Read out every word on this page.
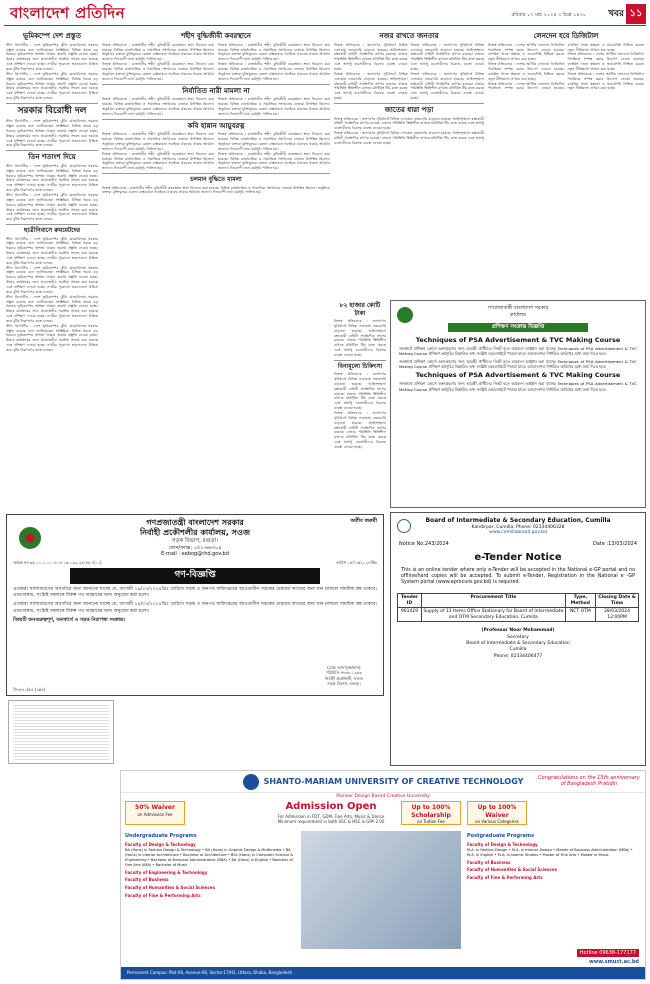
বাংলাদেশ প্রতিদিন	রবিবার ১৭ মার্চ ২০২৪ ৩ চৈত্র ১৪৩০ খবর ১১
ভূমিকম্পে দেশ প্রস্তুত
স্টাফ রিপোর্টার : দেশে ভূমিকম্পের ঝুঁকি মোকাবিলায় সরকার প্রস্তুত রয়েছে বলে জানিয়েছেন সংশ্লিষ্টরা। বিভিন্ন সময়ে বড় ধরনের ভূমিকম্পের আশঙ্কা থাকায় জরুরি প্রস্তুতি নেওয়া হচ্ছে। উদ্ধার কার্যক্রমের জন্য প্রয়োজনীয় সরঞ্জাম সংগ্রহ করা হয়েছে এবং প্রশিক্ষণ দেওয়া হচ্ছে। নগরীর পুরোনো ভবনগুলো চিহ্নিত করে ঝুঁকি নিরূপণের কাজ চলছে।
স্টাফ রিপোর্টার : দেশে ভূমিকম্পের ঝুঁকি মোকাবিলায় সরকার প্রস্তুত রয়েছে বলে জানিয়েছেন সংশ্লিষ্টরা। বিভিন্ন সময়ে বড় ধরনের ভূমিকম্পের আশঙ্কা থাকায় জরুরি প্রস্তুতি নেওয়া হচ্ছে। উদ্ধার কার্যক্রমের জন্য প্রয়োজনীয় সরঞ্জাম সংগ্রহ করা হয়েছে এবং প্রশিক্ষণ দেওয়া হচ্ছে। নগরীর পুরোনো ভবনগুলো চিহ্নিত করে ঝুঁকি নিরূপণের কাজ চলছে।
সরকার বিরোধী দল
স্টাফ রিপোর্টার : দেশে ভূমিকম্পের ঝুঁকি মোকাবিলায় সরকার প্রস্তুত রয়েছে বলে জানিয়েছেন সংশ্লিষ্টরা। বিভিন্ন সময়ে বড় ধরনের ভূমিকম্পের আশঙ্কা থাকায় জরুরি প্রস্তুতি নেওয়া হচ্ছে। উদ্ধার কার্যক্রমের জন্য প্রয়োজনীয় সরঞ্জাম সংগ্রহ করা হয়েছে এবং প্রশিক্ষণ দেওয়া হচ্ছে। নগরীর পুরোনো ভবনগুলো চিহ্নিত করে ঝুঁকি নিরূপণের কাজ চলছে।
তিন শতাংশ দিয়ে
স্টাফ রিপোর্টার : দেশে ভূমিকম্পের ঝুঁকি মোকাবিলায় সরকার প্রস্তুত রয়েছে বলে জানিয়েছেন সংশ্লিষ্টরা। বিভিন্ন সময়ে বড় ধরনের ভূমিকম্পের আশঙ্কা থাকায় জরুরি প্রস্তুতি নেওয়া হচ্ছে। উদ্ধার কার্যক্রমের জন্য প্রয়োজনীয় সরঞ্জাম সংগ্রহ করা হয়েছে এবং প্রশিক্ষণ দেওয়া হচ্ছে। নগরীর পুরোনো ভবনগুলো চিহ্নিত করে ঝুঁকি নিরূপণের কাজ চলছে।
স্টাফ রিপোর্টার : দেশে ভূমিকম্পের ঝুঁকি মোকাবিলায় সরকার প্রস্তুত রয়েছে বলে জানিয়েছেন সংশ্লিষ্টরা। বিভিন্ন সময়ে বড় ধরনের ভূমিকম্পের আশঙ্কা থাকায় জরুরি প্রস্তুতি নেওয়া হচ্ছে। উদ্ধার কার্যক্রমের জন্য প্রয়োজনীয় সরঞ্জাম সংগ্রহ করা হয়েছে এবং প্রশিক্ষণ দেওয়া হচ্ছে। নগরীর পুরোনো ভবনগুলো চিহ্নিত করে ঝুঁকি নিরূপণের কাজ চলছে।
ছাত্রীনিবাসে রুমমেটদের
স্টাফ রিপোর্টার : দেশে ভূমিকম্পের ঝুঁকি মোকাবিলায় সরকার প্রস্তুত রয়েছে বলে জানিয়েছেন সংশ্লিষ্টরা। বিভিন্ন সময়ে বড় ধরনের ভূমিকম্পের আশঙ্কা থাকায় জরুরি প্রস্তুতি নেওয়া হচ্ছে। উদ্ধার কার্যক্রমের জন্য প্রয়োজনীয় সরঞ্জাম সংগ্রহ করা হয়েছে এবং প্রশিক্ষণ দেওয়া হচ্ছে। নগরীর পুরোনো ভবনগুলো চিহ্নিত করে ঝুঁকি নিরূপণের কাজ চলছে।
স্টাফ রিপোর্টার : দেশে ভূমিকম্পের ঝুঁকি মোকাবিলায় সরকার প্রস্তুত রয়েছে বলে জানিয়েছেন সংশ্লিষ্টরা। বিভিন্ন সময়ে বড় ধরনের ভূমিকম্পের আশঙ্কা থাকায় জরুরি প্রস্তুতি নেওয়া হচ্ছে। উদ্ধার কার্যক্রমের জন্য প্রয়োজনীয় সরঞ্জাম সংগ্রহ করা হয়েছে এবং প্রশিক্ষণ দেওয়া হচ্ছে। নগরীর পুরোনো ভবনগুলো চিহ্নিত করে ঝুঁকি নিরূপণের কাজ চলছে।
স্টাফ রিপোর্টার : দেশে ভূমিকম্পের ঝুঁকি মোকাবিলায় সরকার প্রস্তুত রয়েছে বলে জানিয়েছেন সংশ্লিষ্টরা। বিভিন্ন সময়ে বড় ধরনের ভূমিকম্পের আশঙ্কা থাকায় জরুরি প্রস্তুতি নেওয়া হচ্ছে। উদ্ধার কার্যক্রমের জন্য প্রয়োজনীয় সরঞ্জাম সংগ্রহ করা হয়েছে এবং প্রশিক্ষণ দেওয়া হচ্ছে। নগরীর পুরোনো ভবনগুলো চিহ্নিত করে ঝুঁকি নিরূপণের কাজ চলছে।
স্টাফ রিপোর্টার : দেশে ভূমিকম্পের ঝুঁকি মোকাবিলায় সরকার প্রস্তুত রয়েছে বলে জানিয়েছেন সংশ্লিষ্টরা। বিভিন্ন সময়ে বড় ধরনের ভূমিকম্পের আশঙ্কা থাকায় জরুরি প্রস্তুতি নেওয়া হচ্ছে। উদ্ধার কার্যক্রমের জন্য প্রয়োজনীয় সরঞ্জাম সংগ্রহ করা হয়েছে এবং প্রশিক্ষণ দেওয়া হচ্ছে। নগরীর পুরোনো ভবনগুলো চিহ্নিত করে ঝুঁকি নিরূপণের কাজ চলছে।
শহীদ বুদ্ধিজীবী কবরস্থানে
নিজস্ব প্রতিবেদক : রাজধানীর শহীদ বুদ্ধিজীবী কবরস্থানে শ্রদ্ধা নিবেদন করা হয়েছে। বিভিন্ন রাজনৈতিক ও সামাজিক সংগঠনের নেতারা উপস্থিত ছিলেন। অনুষ্ঠানে বক্তারা মুক্তিযুদ্ধের চেতনা বাস্তবায়নে সবাইকে ঐক্যবদ্ধ থাকার আহ্বান জানান। দিনব্যাপী নানা কর্মসূচি পালিত হয়।
নিজস্ব প্রতিবেদক : রাজধানীর শহীদ বুদ্ধিজীবী কবরস্থানে শ্রদ্ধা নিবেদন করা হয়েছে। বিভিন্ন রাজনৈতিক ও সামাজিক সংগঠনের নেতারা উপস্থিত ছিলেন। অনুষ্ঠানে বক্তারা মুক্তিযুদ্ধের চেতনা বাস্তবায়নে সবাইকে ঐক্যবদ্ধ থাকার আহ্বান জানান। দিনব্যাপী নানা কর্মসূচি পালিত হয়।
নিজস্ব প্রতিবেদক : রাজধানীর শহীদ বুদ্ধিজীবী কবরস্থানে শ্রদ্ধা নিবেদন করা হয়েছে। বিভিন্ন রাজনৈতিক ও সামাজিক সংগঠনের নেতারা উপস্থিত ছিলেন। অনুষ্ঠানে বক্তারা মুক্তিযুদ্ধের চেতনা বাস্তবায়নে সবাইকে ঐক্যবদ্ধ থাকার আহ্বান জানান। দিনব্যাপী নানা কর্মসূচি পালিত হয়।
নিজস্ব প্রতিবেদক : রাজধানীর শহীদ বুদ্ধিজীবী কবরস্থানে শ্রদ্ধা নিবেদন করা হয়েছে। বিভিন্ন রাজনৈতিক ও সামাজিক সংগঠনের নেতারা উপস্থিত ছিলেন। অনুষ্ঠানে বক্তারা মুক্তিযুদ্ধের চেতনা বাস্তবায়নে সবাইকে ঐক্যবদ্ধ থাকার আহ্বান জানান। দিনব্যাপী নানা কর্মসূচি পালিত হয়।
নির্যাতিত নারী মামলা না
নিজস্ব প্রতিবেদক : রাজধানীর শহীদ বুদ্ধিজীবী কবরস্থানে শ্রদ্ধা নিবেদন করা হয়েছে। বিভিন্ন রাজনৈতিক ও সামাজিক সংগঠনের নেতারা উপস্থিত ছিলেন। অনুষ্ঠানে বক্তারা মুক্তিযুদ্ধের চেতনা বাস্তবায়নে সবাইকে ঐক্যবদ্ধ থাকার আহ্বান জানান। দিনব্যাপী নানা কর্মসূচি পালিত হয়।
নিজস্ব প্রতিবেদক : রাজধানীর শহীদ বুদ্ধিজীবী কবরস্থানে শ্রদ্ধা নিবেদন করা হয়েছে। বিভিন্ন রাজনৈতিক ও সামাজিক সংগঠনের নেতারা উপস্থিত ছিলেন। অনুষ্ঠানে বক্তারা মুক্তিযুদ্ধের চেতনা বাস্তবায়নে সবাইকে ঐক্যবদ্ধ থাকার আহ্বান জানান। দিনব্যাপী নানা কর্মসূচি পালিত হয়।
কবি হান্নান আয়ুবরত্ন
নিজস্ব প্রতিবেদক : রাজধানীর শহীদ বুদ্ধিজীবী কবরস্থানে শ্রদ্ধা নিবেদন করা হয়েছে। বিভিন্ন রাজনৈতিক ও সামাজিক সংগঠনের নেতারা উপস্থিত ছিলেন। অনুষ্ঠানে বক্তারা মুক্তিযুদ্ধের চেতনা বাস্তবায়নে সবাইকে ঐক্যবদ্ধ থাকার আহ্বান জানান। দিনব্যাপী নানা কর্মসূচি পালিত হয়।
নিজস্ব প্রতিবেদক : রাজধানীর শহীদ বুদ্ধিজীবী কবরস্থানে শ্রদ্ধা নিবেদন করা হয়েছে। বিভিন্ন রাজনৈতিক ও সামাজিক সংগঠনের নেতারা উপস্থিত ছিলেন। অনুষ্ঠানে বক্তারা মুক্তিযুদ্ধের চেতনা বাস্তবায়নে সবাইকে ঐক্যবদ্ধ থাকার আহ্বান জানান। দিনব্যাপী নানা কর্মসূচি পালিত হয়।
নিজস্ব প্রতিবেদক : রাজধানীর শহীদ বুদ্ধিজীবী কবরস্থানে শ্রদ্ধা নিবেদন করা হয়েছে। বিভিন্ন রাজনৈতিক ও সামাজিক সংগঠনের নেতারা উপস্থিত ছিলেন। অনুষ্ঠানে বক্তারা মুক্তিযুদ্ধের চেতনা বাস্তবায়নে সবাইকে ঐক্যবদ্ধ থাকার আহ্বান জানান। দিনব্যাপী নানা কর্মসূচি পালিত হয়।
নিজস্ব প্রতিবেদক : রাজধানীর শহীদ বুদ্ধিজীবী কবরস্থানে শ্রদ্ধা নিবেদন করা হয়েছে। বিভিন্ন রাজনৈতিক ও সামাজিক সংগঠনের নেতারা উপস্থিত ছিলেন। অনুষ্ঠানে বক্তারা মুক্তিযুদ্ধের চেতনা বাস্তবায়নে সবাইকে ঐক্যবদ্ধ থাকার আহ্বান জানান। দিনব্যাপী নানা কর্মসূচি পালিত হয়।
চলমান বুদ্ধিতে মামলা
নিজস্ব প্রতিবেদক : রাজধানীর শহীদ বুদ্ধিজীবী কবরস্থানে শ্রদ্ধা নিবেদন করা হয়েছে। বিভিন্ন রাজনৈতিক ও সামাজিক সংগঠনের নেতারা উপস্থিত ছিলেন। অনুষ্ঠানে বক্তারা মুক্তিযুদ্ধের চেতনা বাস্তবায়নে সবাইকে ঐক্যবদ্ধ থাকার আহ্বান জানান। দিনব্যাপী নানা কর্মসূচি পালিত হয়।
নজর রাখতে জনতার
নিজস্ব প্রতিবেদক : জনগণের সুবিধার্থে বিভিন্ন এলাকায় নজরদারি বাড়ানো হয়েছে। আইনশৃঙ্খলা রক্ষাকারী বাহিনী সার্বক্ষণিক তৎপর রয়েছে। বাজার পরিস্থিতি স্থিতিশীল রাখতে মনিটরিং টিম কাজ করছে এবং অসাধু ব্যবসায়ীদের বিরুদ্ধে ব্যবস্থা নেওয়া হচ্ছে।
নিজস্ব প্রতিবেদক : জনগণের সুবিধার্থে বিভিন্ন এলাকায় নজরদারি বাড়ানো হয়েছে। আইনশৃঙ্খলা রক্ষাকারী বাহিনী সার্বক্ষণিক তৎপর রয়েছে। বাজার পরিস্থিতি স্থিতিশীল রাখতে মনিটরিং টিম কাজ করছে এবং অসাধু ব্যবসায়ীদের বিরুদ্ধে ব্যবস্থা নেওয়া হচ্ছে।
নিজস্ব প্রতিবেদক : জনগণের সুবিধার্থে বিভিন্ন এলাকায় নজরদারি বাড়ানো হয়েছে। আইনশৃঙ্খলা রক্ষাকারী বাহিনী সার্বক্ষণিক তৎপর রয়েছে। বাজার পরিস্থিতি স্থিতিশীল রাখতে মনিটরিং টিম কাজ করছে এবং অসাধু ব্যবসায়ীদের বিরুদ্ধে ব্যবস্থা নেওয়া হচ্ছে।
নিজস্ব প্রতিবেদক : জনগণের সুবিধার্থে বিভিন্ন এলাকায় নজরদারি বাড়ানো হয়েছে। আইনশৃঙ্খলা রক্ষাকারী বাহিনী সার্বক্ষণিক তৎপর রয়েছে। বাজার পরিস্থিতি স্থিতিশীল রাখতে মনিটরিং টিম কাজ করছে এবং অসাধু ব্যবসায়ীদের বিরুদ্ধে ব্যবস্থা নেওয়া হচ্ছে।
জাতের ধারা পড়া
নিজস্ব প্রতিবেদক : জনগণের সুবিধার্থে বিভিন্ন এলাকায় নজরদারি বাড়ানো হয়েছে। আইনশৃঙ্খলা রক্ষাকারী বাহিনী সার্বক্ষণিক তৎপর রয়েছে। বাজার পরিস্থিতি স্থিতিশীল রাখতে মনিটরিং টিম কাজ করছে এবং অসাধু ব্যবসায়ীদের বিরুদ্ধে ব্যবস্থা নেওয়া হচ্ছে।
নিজস্ব প্রতিবেদক : জনগণের সুবিধার্থে বিভিন্ন এলাকায় নজরদারি বাড়ানো হয়েছে। আইনশৃঙ্খলা রক্ষাকারী বাহিনী সার্বক্ষণিক তৎপর রয়েছে। বাজার পরিস্থিতি স্থিতিশীল রাখতে মনিটরিং টিম কাজ করছে এবং অসাধু ব্যবসায়ীদের বিরুদ্ধে ব্যবস্থা নেওয়া হচ্ছে।
লেনদেন হবে ডিজিটাল
নিজস্ব প্রতিবেদক : দেশের আর্থিক লেনদেন ডিজিটাল পদ্ধতিতে সম্পন্ন করার উদ্যোগ নেওয়া হয়েছে। ব্যাংকিং খাতে স্বচ্ছতা ও জবাবদিহি নিশ্চিত করতে নতুন নীতিমালা প্রণয়ন করা হচ্ছে।
নিজস্ব প্রতিবেদক : দেশের আর্থিক লেনদেন ডিজিটাল পদ্ধতিতে সম্পন্ন করার উদ্যোগ নেওয়া হয়েছে। ব্যাংকিং খাতে স্বচ্ছতা ও জবাবদিহি নিশ্চিত করতে নতুন নীতিমালা প্রণয়ন করা হচ্ছে।
নিজস্ব প্রতিবেদক : দেশের আর্থিক লেনদেন ডিজিটাল পদ্ধতিতে সম্পন্ন করার উদ্যোগ নেওয়া হয়েছে। ব্যাংকিং খাতে স্বচ্ছতা ও জবাবদিহি নিশ্চিত করতে নতুন নীতিমালা প্রণয়ন করা হচ্ছে।
নিজস্ব প্রতিবেদক : দেশের আর্থিক লেনদেন ডিজিটাল পদ্ধতিতে সম্পন্ন করার উদ্যোগ নেওয়া হয়েছে। ব্যাংকিং খাতে স্বচ্ছতা ও জবাবদিহি নিশ্চিত করতে নতুন নীতিমালা প্রণয়ন করা হচ্ছে।
নিজস্ব প্রতিবেদক : দেশের আর্থিক লেনদেন ডিজিটাল পদ্ধতিতে সম্পন্ন করার উদ্যোগ নেওয়া হয়েছে। ব্যাংকিং খাতে স্বচ্ছতা ও জবাবদিহি নিশ্চিত করতে নতুন নীতিমালা প্রণয়ন করা হচ্ছে।
৮২ হাজার কোটি টাকা
নিজস্ব প্রতিবেদক : জনগণের সুবিধার্থে বিভিন্ন এলাকায় নজরদারি বাড়ানো হয়েছে। আইনশৃঙ্খলা রক্ষাকারী বাহিনী সার্বক্ষণিক তৎপর রয়েছে। বাজার পরিস্থিতি স্থিতিশীল রাখতে মনিটরিং টিম কাজ করছে এবং অসাধু ব্যবসায়ীদের বিরুদ্ধে ব্যবস্থা নেওয়া হচ্ছে।
বিনামূল্যে চিকিৎসা
নিজস্ব প্রতিবেদক : জনগণের সুবিধার্থে বিভিন্ন এলাকায় নজরদারি বাড়ানো হয়েছে। আইনশৃঙ্খলা রক্ষাকারী বাহিনী সার্বক্ষণিক তৎপর রয়েছে। বাজার পরিস্থিতি স্থিতিশীল রাখতে মনিটরিং টিম কাজ করছে এবং অসাধু ব্যবসায়ীদের বিরুদ্ধে ব্যবস্থা নেওয়া হচ্ছে।
নিজস্ব প্রতিবেদক : জনগণের সুবিধার্থে বিভিন্ন এলাকায় নজরদারি বাড়ানো হয়েছে। আইনশৃঙ্খলা রক্ষাকারী বাহিনী সার্বক্ষণিক তৎপর রয়েছে। বাজার পরিস্থিতি স্থিতিশীল রাখতে মনিটরিং টিম কাজ করছে এবং অসাধু ব্যবসায়ীদের বিরুদ্ধে ব্যবস্থা নেওয়া হচ্ছে।
গণপ্রজাতন্ত্রী বাংলাদেশ সরকার
কার্যালয়
প্রশিক্ষণ সংক্রান্ত বিজ্ঞপ্তি
Techniques of PSA Advertisement & TVC Making Course
জনস্বার্থে প্রশিক্ষণ কোর্সে অংশগ্রহণের জন্য আগ্রহী প্রার্থীদের নিকট হতে আবেদন আহ্বান করা যাচ্ছে। Techniques of PSA Advertisement & TVC Making Course প্রশিক্ষণ কর্মসূচির বিস্তারিত তথ্য সংশ্লিষ্ট ওয়েবসাইটে পাওয়া যাবে। আবেদনপত্র নির্ধারিত তারিখের মধ্যে জমা দিতে হবে।
জনস্বার্থে প্রশিক্ষণ কোর্সে অংশগ্রহণের জন্য আগ্রহী প্রার্থীদের নিকট হতে আবেদন আহ্বান করা যাচ্ছে। Techniques of PSA Advertisement & TVC Making Course প্রশিক্ষণ কর্মসূচির বিস্তারিত তথ্য সংশ্লিষ্ট ওয়েবসাইটে পাওয়া যাবে। আবেদনপত্র নির্ধারিত তারিখের মধ্যে জমা দিতে হবে।
Techniques of PSA Advertisement & TVC Making Course
জনস্বার্থে প্রশিক্ষণ কোর্সে অংশগ্রহণের জন্য আগ্রহী প্রার্থীদের নিকট হতে আবেদন আহ্বান করা যাচ্ছে। Techniques of PSA Advertisement & TVC Making Course প্রশিক্ষণ কর্মসূচির বিস্তারিত তথ্য সংশ্লিষ্ট ওয়েবসাইটে পাওয়া যাবে। আবেদনপত্র নির্ধারিত তারিখের মধ্যে জমা দিতে হবে।
অতীব জরুরী
গণপ্রজাতন্ত্রী বাংলাদেশ সরকার
নির্বাহী প্রকৌশলীর কার্যালয়, সওজ
সড়ক বিভাগ, বগুড়া।
ফোন/ফ্যাক্স: ০৫১-৬৬৩০৪
E-mail : eebog@rhd.gov.bd
স্মারক নং-৩৫.০১.১০০০.৪০৪.১৬.০৩২.২৪-৫৮০(১০)	তারিখ ১৪/০৩/২০২৪খ্রিঃ
গণ-বিজ্ঞপ্তি
এতদ্বারা সর্বসাধারণের অবগতির জন্য জানানো যাচ্ছে যে, আগামী ১৯/০৩/২০২৪খ্রিঃ তারিখে সড়ক ও জনপথ অধিদপ্তরের আওতাধীন সড়কের মেরামত কাজের জন্য যান চলাচল সাময়িক বন্ধ থাকবে। এমতাবস্থায়, সংশ্লিষ্ট সকলকে বিকল্প পথ ব্যবহারের জন্য অনুরোধ করা হলো।
এতদ্বারা সর্বসাধারণের অবগতির জন্য জানানো যাচ্ছে যে, আগামী ১৯/০৩/২০২৪খ্রিঃ তারিখে সড়ক ও জনপথ অধিদপ্তরের আওতাধীন সড়কের মেরামত কাজের জন্য যান চলাচল সাময়িক বন্ধ থাকবে। এমতাবস্থায়, সংশ্লিষ্ট সকলকে বিকল্প পথ ব্যবহারের জন্য অনুরোধ করা হলো।
বিষয়টি জনগুরুত্বপূর্ণ, জনস্বার্থে ও সড়ক নিরাপত্তা সংক্রান্ত।
(মোঃ আসাদুজ্জামান)
পরিচিতি নং-৬০১২৬৩
নির্বাহী প্রকৌশলী, সওজ
সড়ক বিভাগ, বগুড়া।
জি-৫৪১/৫৪ (২x৪)
Board of Intermediate & Secondary Education, Cumilla
Kandirpar, Cumilla, Phone: 02334406328
www.comillaboard.gov.bd
Notice No.243/2024	Date :13/03/2024
e-Tender Notice
This is an online tender where only e-Tender will be accepted in the National e-GP portal and no offline/hard copies will be accepted. To submit e-Tender, Registration in the National e -GP System portal (www.eprocure.gov.bd) is required.
Tender ID	Procurement Title	Type, Method	Closing Date & Time
961429	Supply of 13 Items Office Stationary for Board of Intermediate and OTM Secondary Education, Cumilla	NCT OTM	28/03/2024 12:00PM
(Professor Noor Mohammad)
Secretary
Board of Intermediate & Secondary Education
Cumilla
Phone: 02334406477
SHANTO-MARIAM UNIVERSITY OF CREATIVE TECHNOLOGY
Pioneer Design Based Creative University
50% Waiver
on Admission Fee
Admission Open
For Admission in FDT, GDM, Fine Arts, Music & Dance Minimum requirement in both SSC & HSC is GPA 2.00
Up to 100% Scholarship
on Tuition Fee
Up to 100% Waiver
on Various Categories
Congratulations on the 15th anniversary of Bangladesh Pratidin
Undergraduate Programs
Faculty of Design & Technology
BA (Hons) in Fashion Design & Technology • BA (Hons) in Graphic Design & Multimedia • BA (Hons) in Interior Architecture • Bachelor of Architecture • BSc (Hons) in Computer Science & Engineering • Bachelor of Business Administration (BBA) • BA (Hons) in English • Bachelor of Fine Arts (BFA) • Bachelor of Music
Faculty of Engineering & Technology
Faculty of Business
Faculty of Humanities & Social Sciences
Faculty of Fine & Performing Arts
Postgraduate Programs
Faculty of Design & Technology
M.A. in Fashion Design • M.A. in Interior Design • Master of Business Administration (MBA) • M.A. in English • M.A. in Islamic Studies • Master of Fine Arts • Master in Music
Faculty of Business
Faculty of Humanities & Social Sciences
Faculty of Fine & Performing Arts
www.smuct.ac.bd
Hotline 09638-177177
Permanent Campus: Plot-06, Avenue-06, Sector-17/H1, Uttara, Dhaka, Bangladesh
